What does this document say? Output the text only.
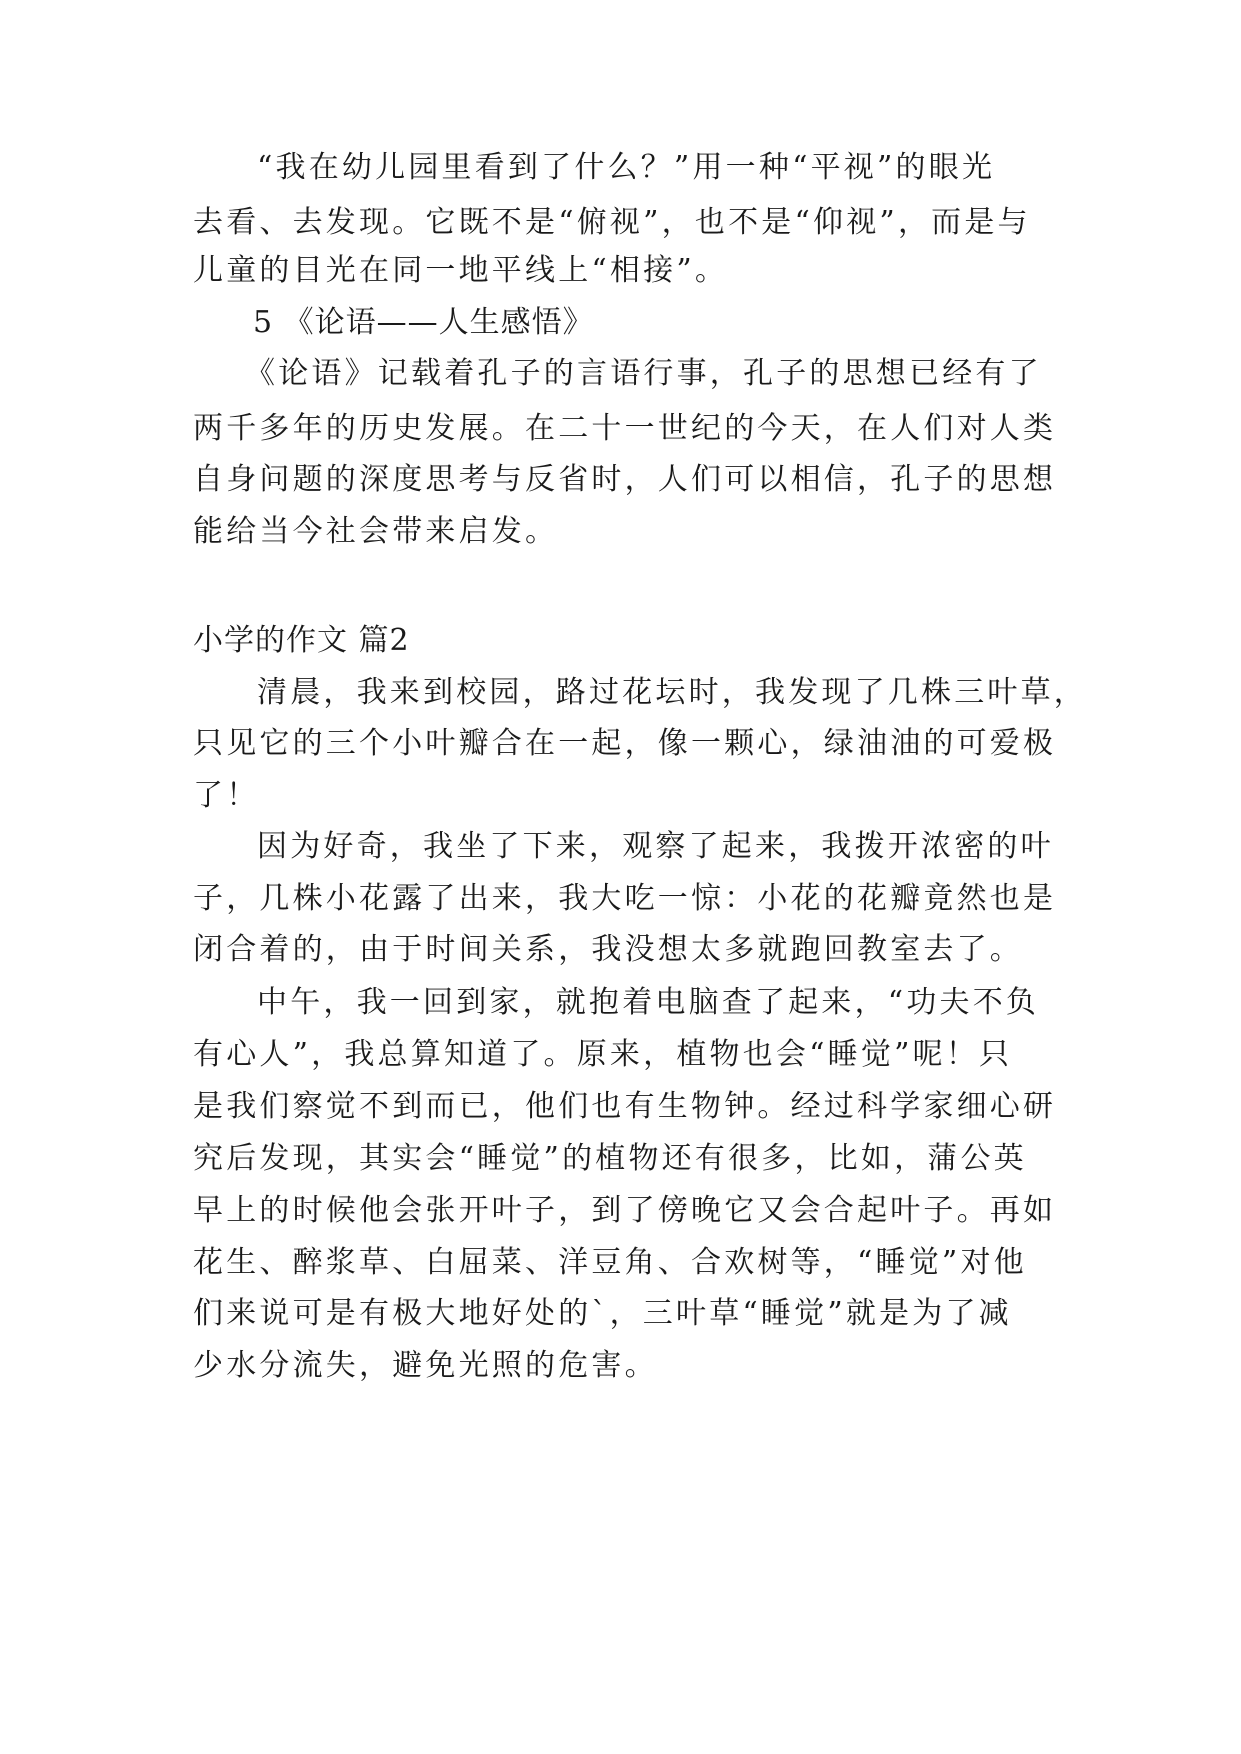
“我在幼儿园里看到了什么？”用一种“平视”的眼光
去看、去发现。它既不是“俯视”，也不是“仰视”，而是与
儿童的目光在同一地平线上“相接”。
5 《论语——人生感悟》
《论语》记载着孔子的言语行事，孔子的思想已经有了
两千多年的历史发展。在二十一世纪的今天，在人们对人类
自身问题的深度思考与反省时，人们可以相信，孔子的思想
能给当今社会带来启发。
小学的作文 篇2
清晨，我来到校园，路过花坛时，我发现了几株三叶草，
只见它的三个小叶瓣合在一起，像一颗心，绿油油的可爱极
了！
因为好奇，我坐了下来，观察了起来，我拨开浓密的叶
子，几株小花露了出来，我大吃一惊：小花的花瓣竟然也是
闭合着的，由于时间关系，我没想太多就跑回教室去了。
中午，我一回到家，就抱着电脑查了起来，“功夫不负
有心人”，我总算知道了。原来，植物也会“睡觉”呢！只
是我们察觉不到而已，他们也有生物钟。经过科学家细心研
究后发现，其实会“睡觉”的植物还有很多，比如，蒲公英
早上的时候他会张开叶子，到了傍晚它又会合起叶子。再如
花生、醉浆草、白屈菜、洋豆角、合欢树等，“睡觉”对他
们来说可是有极大地好处的`，三叶草“睡觉”就是为了减
少水分流失，避免光照的危害。
